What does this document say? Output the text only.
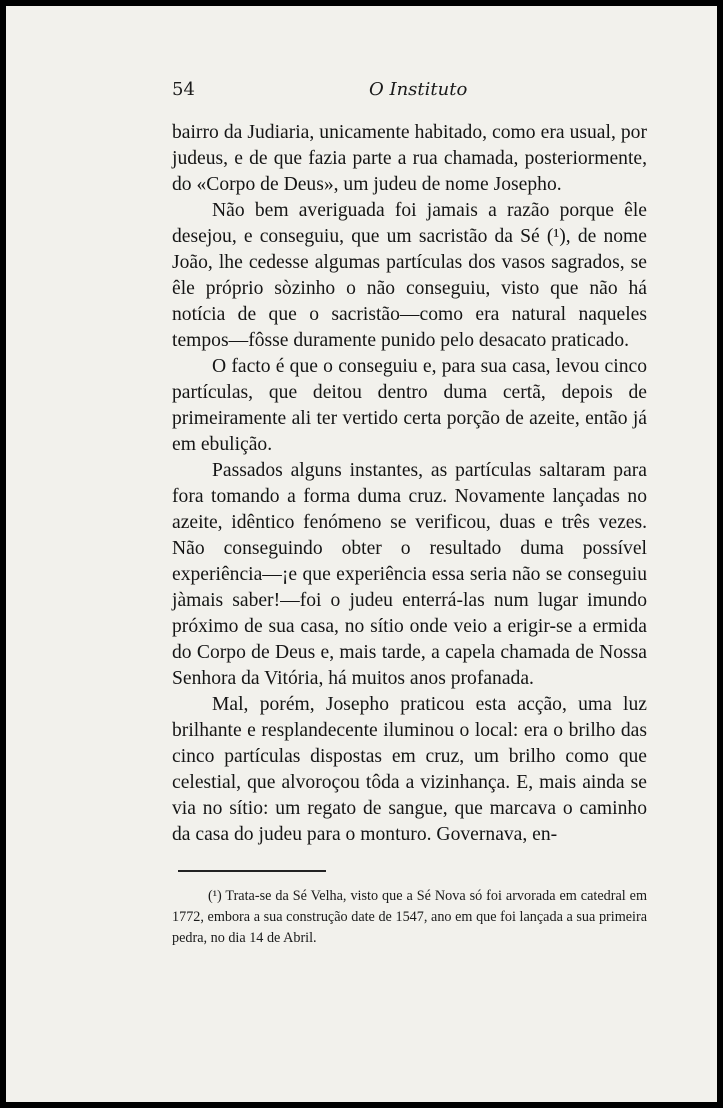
54	O Instituto

bairro da Judiaria, unicamente habitado, como era usual, por judeus, e de que fazia parte a rua chamada, posteriormente, do «Corpo de Deus», um judeu de nome Josepho.

Não bem averiguada foi jamais a razão porque êle desejou, e conseguiu, que um sacristão da Sé (¹), de nome João, lhe cedesse algumas partículas dos vasos sagrados, se êle próprio sòzinho o não conseguiu, visto que não há notícia de que o sacristão—como era natural naqueles tempos—fôsse duramente punido pelo desacato praticado.

O facto é que o conseguiu e, para sua casa, levou cinco partículas, que deitou dentro duma certã, depois de primeiramente ali ter vertido certa porção de azeite, então já em ebulição.

Passados alguns instantes, as partículas saltaram para fora tomando a forma duma cruz. Novamente lançadas no azeite, idêntico fenómeno se verificou, duas e três vezes. Não conseguindo obter o resultado duma possível experiência—¡e que experiência essa seria não se conseguiu jàmais saber!—foi o judeu enterrá-las num lugar imundo próximo de sua casa, no sítio onde veio a erigir-se a ermida do Corpo de Deus e, mais tarde, a capela chamada de Nossa Senhora da Vitória, há muitos anos profanada.

Mal, porém, Josepho praticou esta acção, uma luz brilhante e resplandecente iluminou o local: era o brilho das cinco partículas dispostas em cruz, um brilho como que celestial, que alvoroçou tôda a vizinhança. E, mais ainda se via no sítio: um regato de sangue, que marcava o caminho da casa do judeu para o monturo. Governava, en-

(¹) Trata-se da Sé Velha, visto que a Sé Nova só foi arvorada em catedral em 1772, embora a sua construção date de 1547, ano em que foi lançada a sua primeira pedra, no dia 14 de Abril.
